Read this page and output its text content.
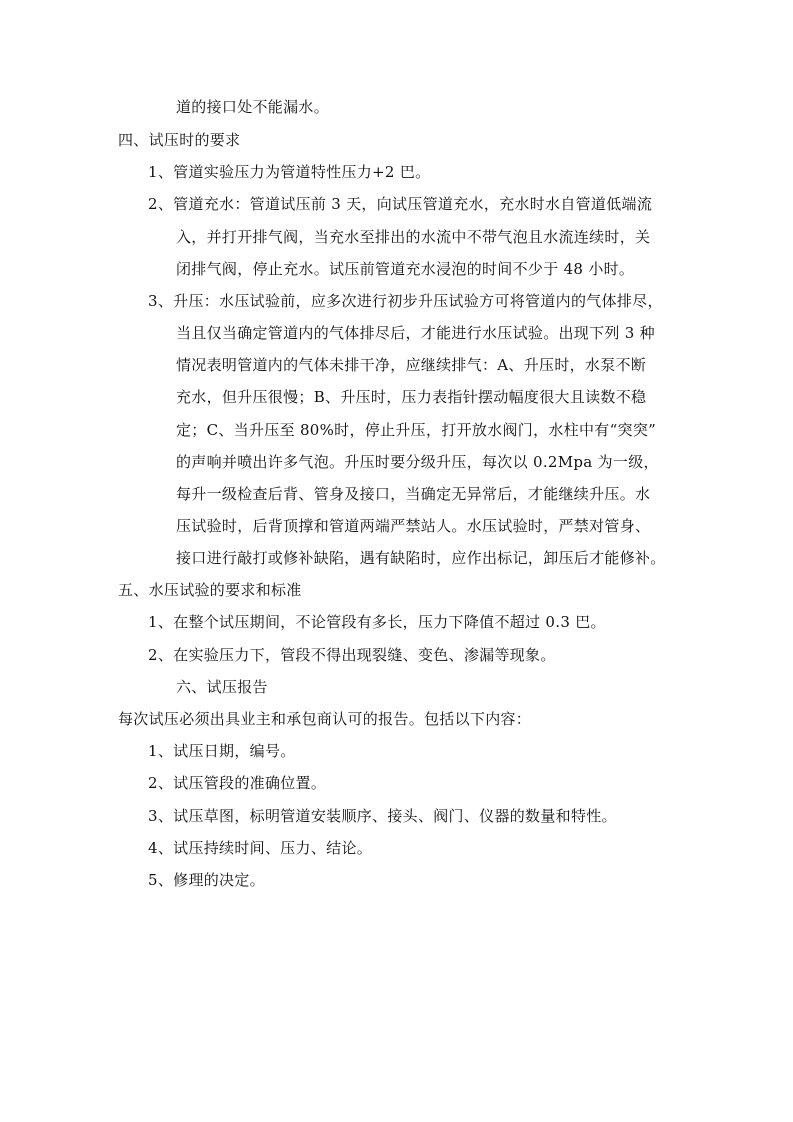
道的接口处不能漏水。
四、试压时的要求
1、管道实验压力为管道特性压力+2 巴。
2、管道充水：管道试压前 3 天，向试压管道充水，充水时水自管道低端流
入，并打开排气阀，当充水至排出的水流中不带气泡且水流连续时，关
闭排气阀，停止充水。试压前管道充水浸泡的时间不少于 48 小时。
3、升压：水压试验前，应多次进行初步升压试验方可将管道内的气体排尽，
当且仅当确定管道内的气体排尽后，才能进行水压试验。出现下列 3 种
情况表明管道内的气体未排干净，应继续排气：A、升压时，水泵不断
充水，但升压很慢；B、升压时，压力表指针摆动幅度很大且读数不稳
定；C、当升压至 80%时，停止升压，打开放水阀门，水柱中有“突突”
的声响并喷出许多气泡。升压时要分级升压，每次以 0.2Mpa 为一级，
每升一级检查后背、管身及接口，当确定无异常后，才能继续升压。水
压试验时，后背顶撑和管道两端严禁站人。水压试验时，严禁对管身、
接口进行敲打或修补缺陷，遇有缺陷时，应作出标记，卸压后才能修补。
五、水压试验的要求和标准
1、在整个试压期间，不论管段有多长，压力下降值不超过 0.3 巴。
2、在实验压力下，管段不得出现裂缝、变色、渗漏等现象。
六、试压报告
每次试压必须出具业主和承包商认可的报告。包括以下内容：
1、试压日期，编号。
2、试压管段的准确位置。
3、试压草图，标明管道安装顺序、接头、阀门、仪器的数量和特性。
4、试压持续时间、压力、结论。
5、修理的决定。
